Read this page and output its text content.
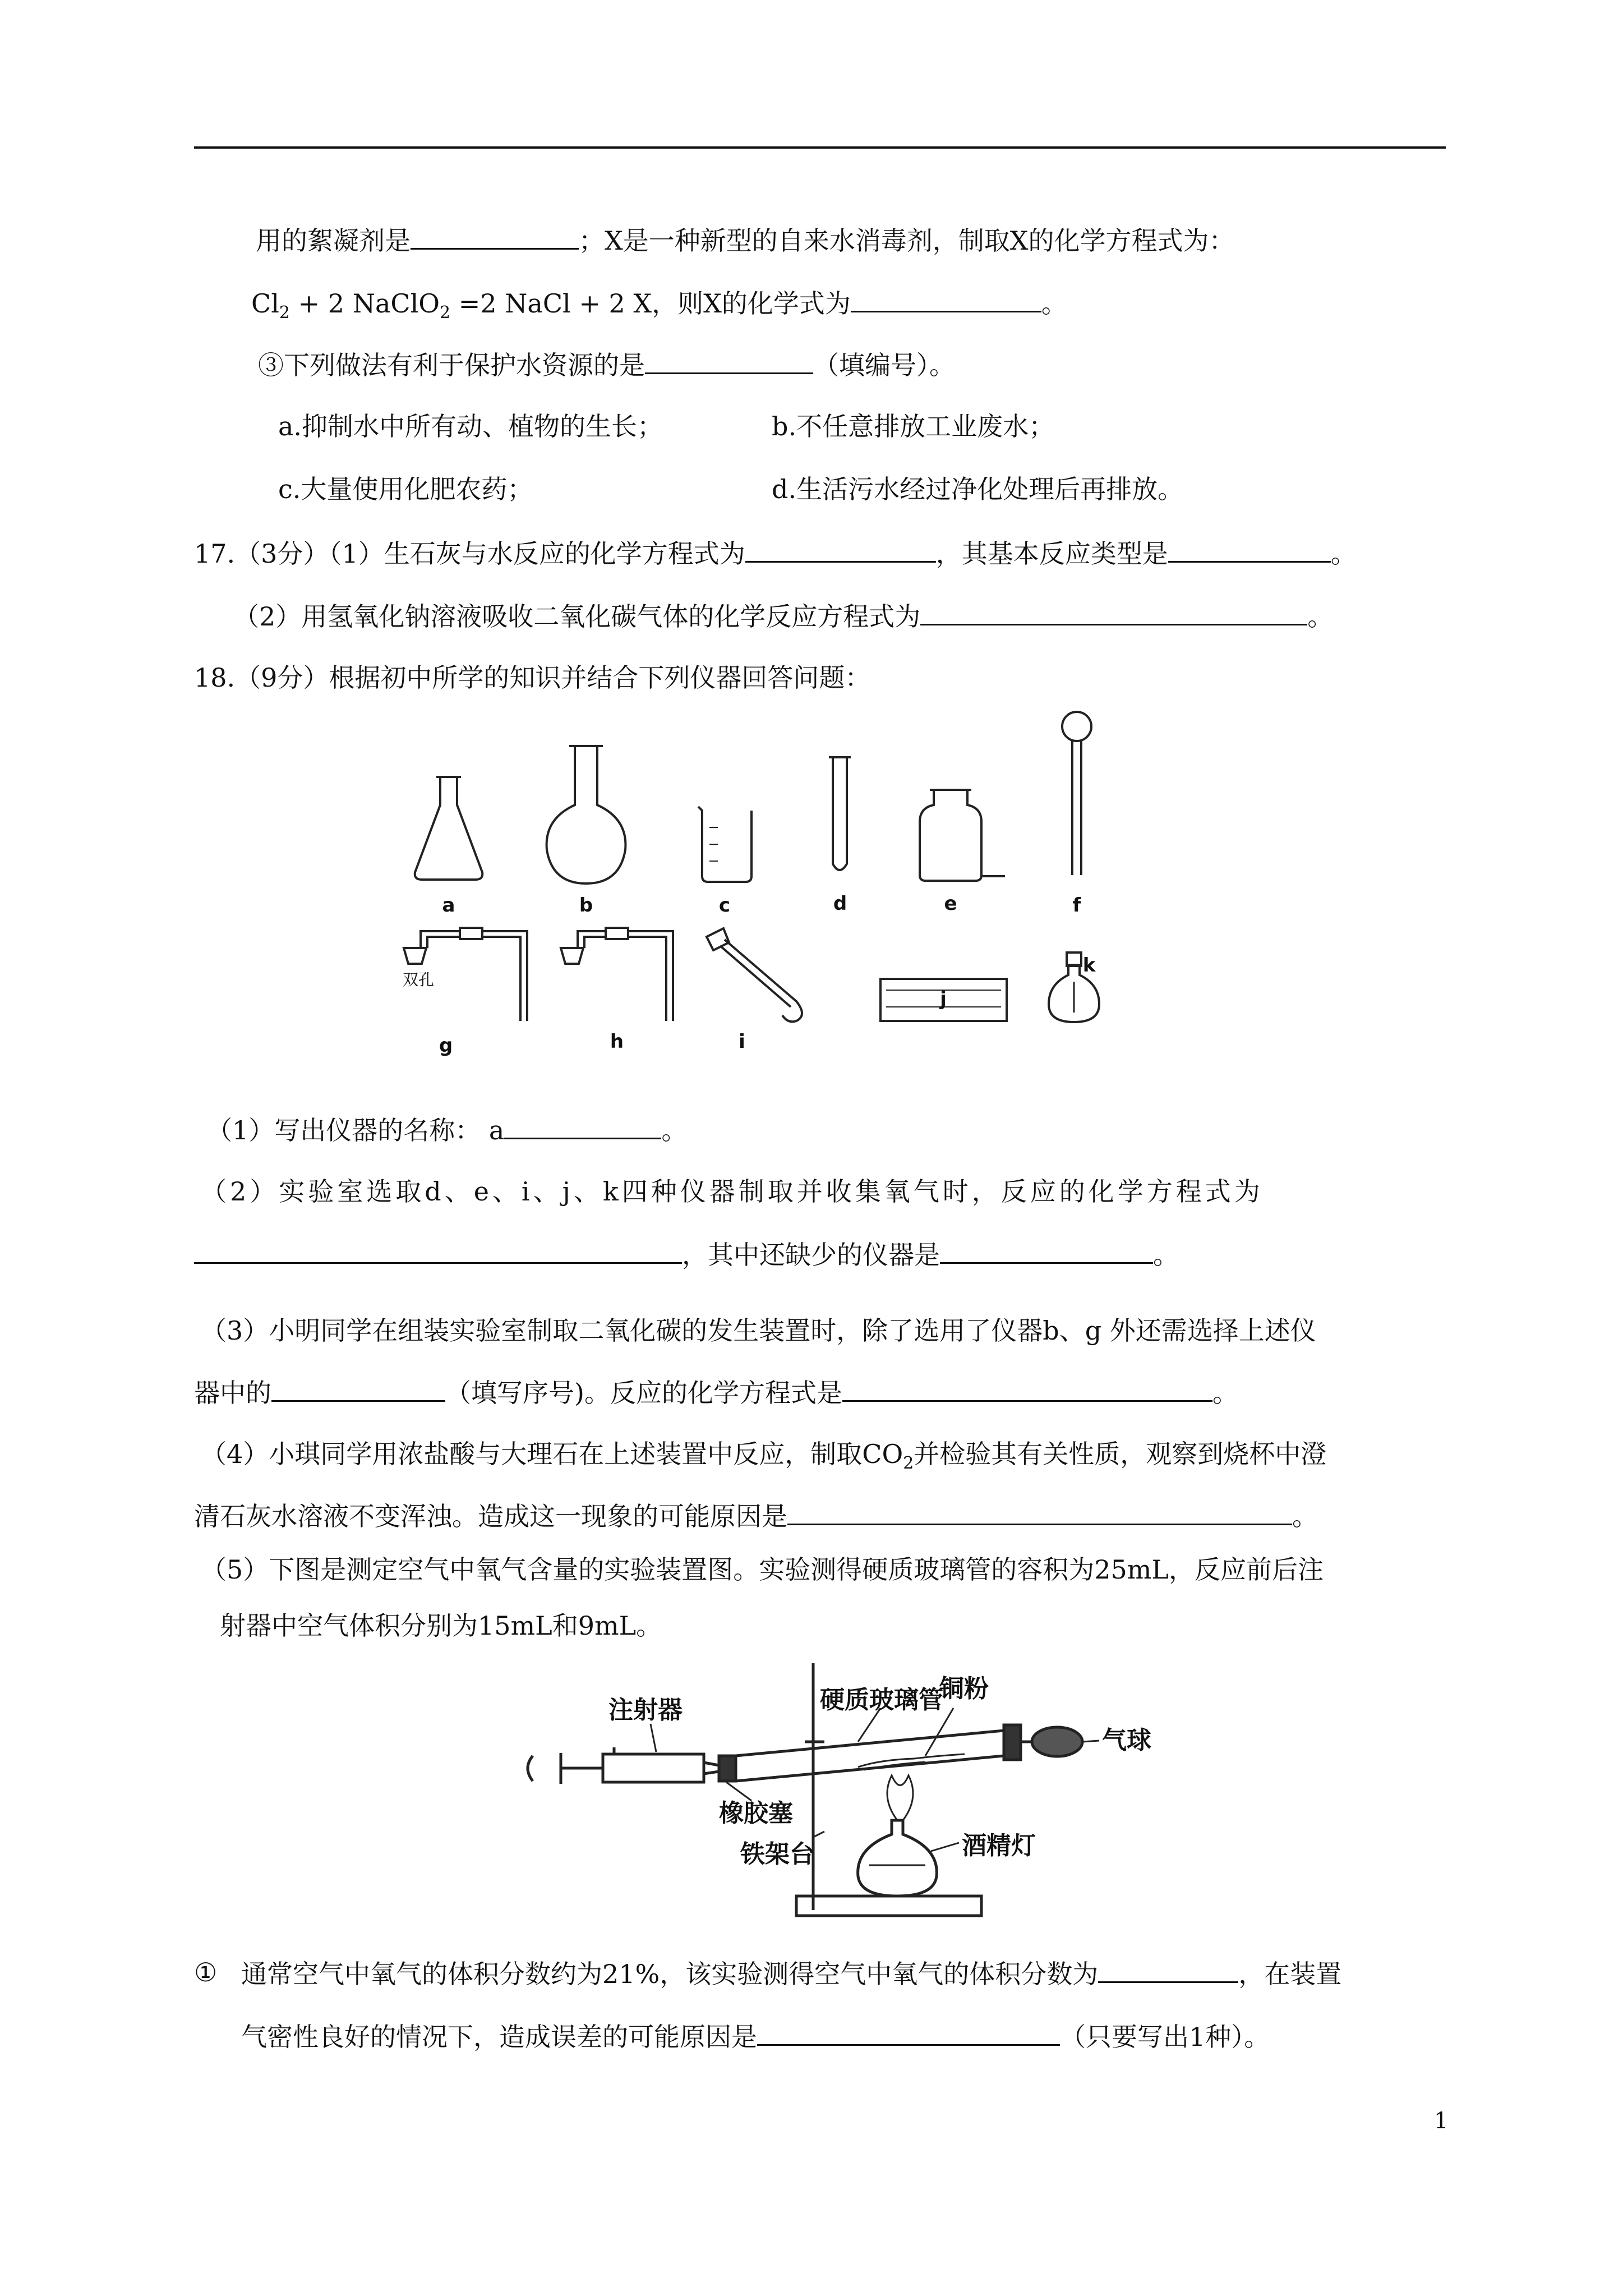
用的絮凝剂是	；X是一种新型的自来水消毒剂，制取X的化学方程式为：
$Cl_2 + 2$ NaClO$_2$ =2 NaCl + 2 X，则X的化学式为	。
③下列做法有利于保护水资源的是	（填编号）。
a.抑制水中所有动、植物的生长；	b.不任意排放工业废水；
c.大量使用化肥农药；	d.生活污水经过净化处理后再排放。
17.（3分）（1）生石灰与水反应的化学方程式为	，其基本反应类型是	。
（2）用氢氧化钠溶液吸收二氧化碳气体的化学反应方程式为	。
18.（9分）根据初中所学的知识并结合下列仪器回答问题：
a	b	c	d	e	f
g	h	i
j
k
双孔
（1）写出仪器的名称： a	。
（2）实验室选取d、e、i、j、k四种仪器制取并收集氧气时，反应的化学方程式为
，其中还缺少的仪器是	。
（3）小明同学在组装实验室制取二氧化碳的发生装置时，除了选用了仪器b、g 外还需选择上述仪
器中的	（填写序号)。反应的化学方程式是	。
（4）小琪同学用浓盐酸与大理石在上述装置中反应，制取$CO_2$并检验其有关性质，观察到烧杯中澄
清石灰水溶液不变浑浊。造成这一现象的可能原因是	。
（5）下图是测定空气中氧气含量的实验装置图。实验测得硬质玻璃管的容积为25mL，反应前后注
射器中空气体积分别为15mL和9mL。
注射器	硬质玻璃管
铜粉
气球
橡胶塞
铁架台	酒精灯
① 通常空气中氧气的体积分数约为21%，该实验测得空气中氧气的体积分数为	，在装置
气密性良好的情况下，造成误差的可能原因是	（只要写出1种）。
1
